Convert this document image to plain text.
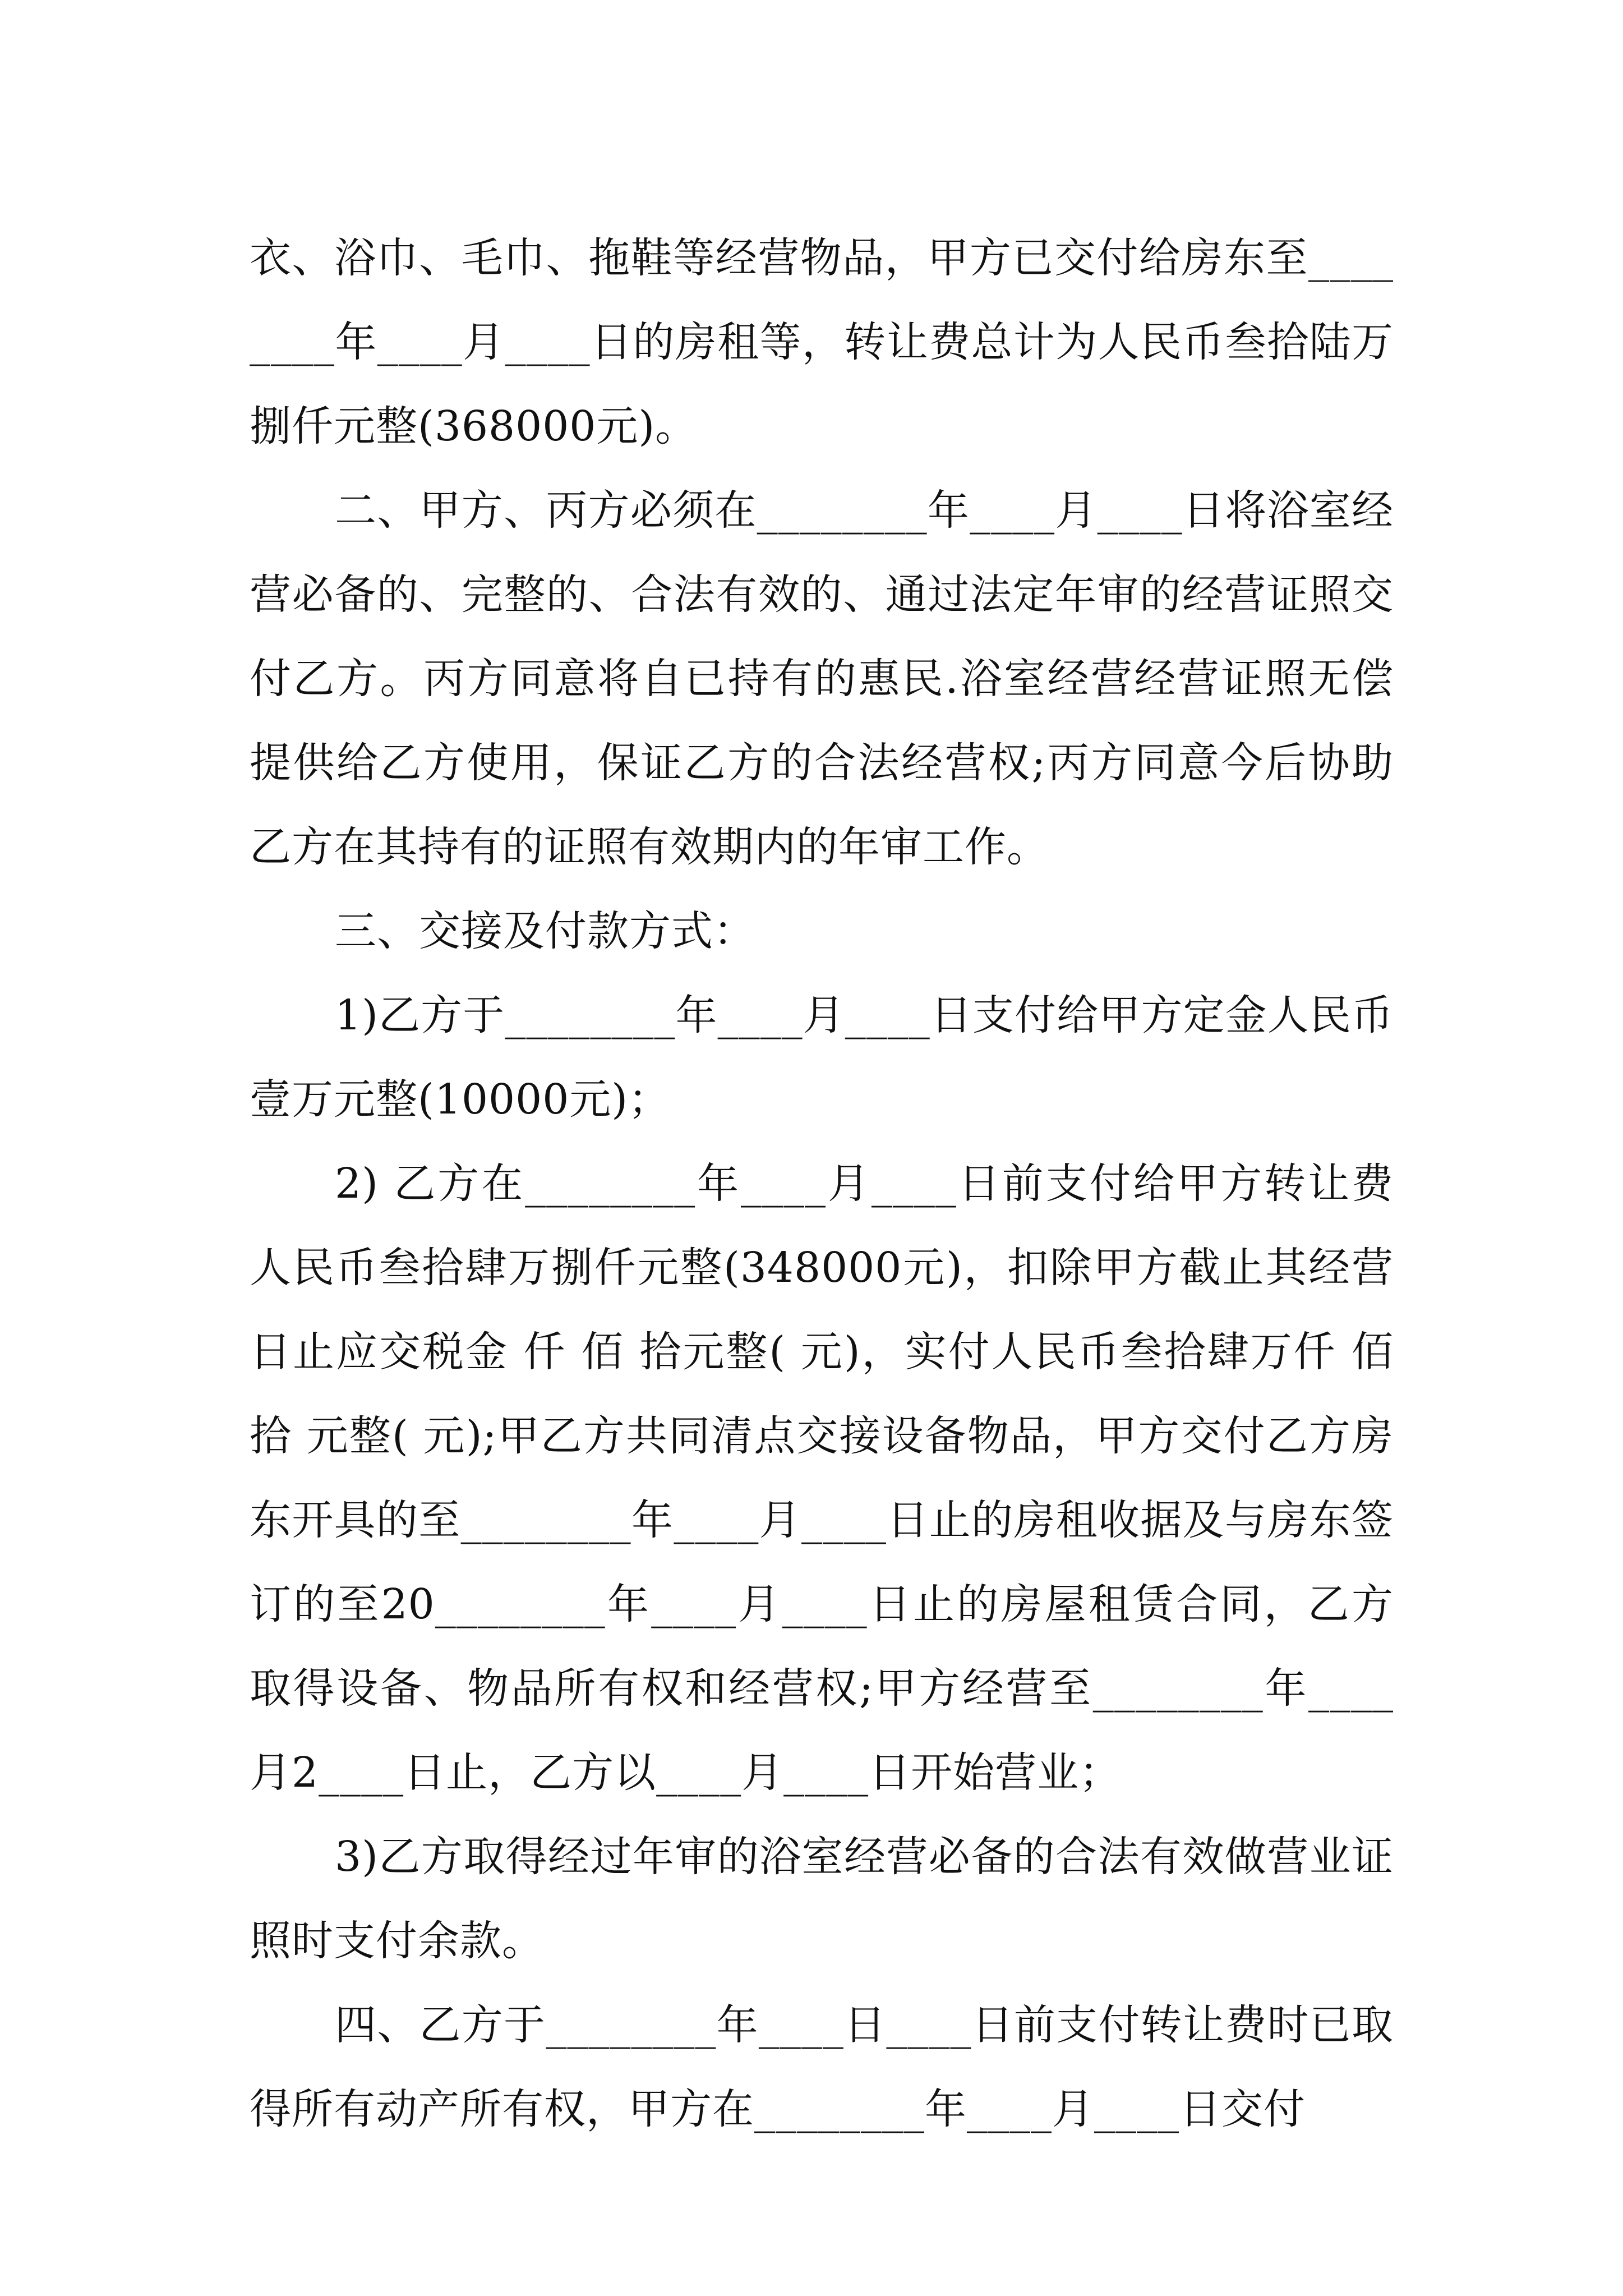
衣、浴巾、毛巾、拖鞋等经营物品，甲方已交付给房东至________年____月____日的房租等，转让费总计为人民币叁拾陆万捌仟元整(368000元)。

二、甲方、丙方必须在________年____月____日将浴室经营必备的、完整的、合法有效的、通过法定年审的经营证照交付乙方。丙方同意将自已持有的惠民.浴室经营经营证照无偿提供给乙方使用，保证乙方的合法经营权;丙方同意今后协助乙方在其持有的证照有效期内的年审工作。

三、交接及付款方式：

1)乙方于________年____月____日支付给甲方定金人民币壹万元整(10000元)；

2) 乙方在________年____月____日前支付给甲方转让费人民币叁拾肆万捌仟元整(348000元)，扣除甲方截止其经营日止应交税金 仟 佰 拾元整( 元)，实付人民币叁拾肆万仟 佰 拾 元整( 元);甲乙方共同清点交接设备物品，甲方交付乙方房东开具的至________年____月____日止的房租收据及与房东签订的至20________年____月____日止的房屋租赁合同，乙方取得设备、物品所有权和经营权;甲方经营至________年____月2____日止，乙方以____月____日开始营业；

3)乙方取得经过年审的浴室经营必备的合法有效做营业证照时支付余款。

四、乙方于________年____日____日前支付转让费时已取得所有动产所有权，甲方在________年____月____日交付
